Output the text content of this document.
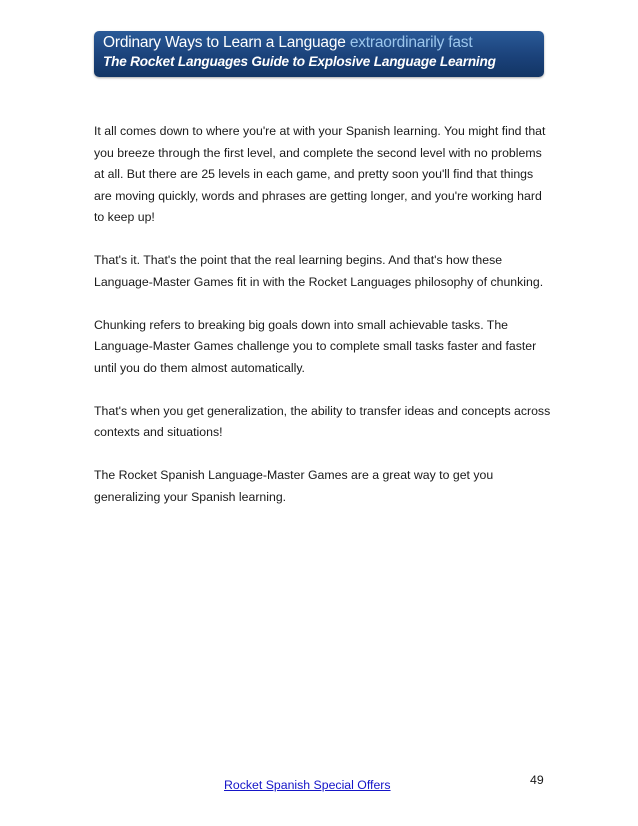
Ordinary Ways to Learn a Language extraordinarily fast
The Rocket Languages Guide to Explosive Language Learning

It all comes down to where you're at with your Spanish learning. You might find that you breeze through the first level, and complete the second level with no problems at all. But there are 25 levels in each game, and pretty soon you'll find that things are moving quickly, words and phrases are getting longer, and you're working hard to keep up!

That's it. That's the point that the real learning begins. And that's how these Language-Master Games fit in with the Rocket Languages philosophy of chunking.

Chunking refers to breaking big goals down into small achievable tasks. The Language-Master Games challenge you to complete small tasks faster and faster until you do them almost automatically.

That's when you get generalization, the ability to transfer ideas and concepts across contexts and situations!

The Rocket Spanish Language-Master Games are a great way to get you generalizing your Spanish learning.

Rocket Spanish Special Offers	49
